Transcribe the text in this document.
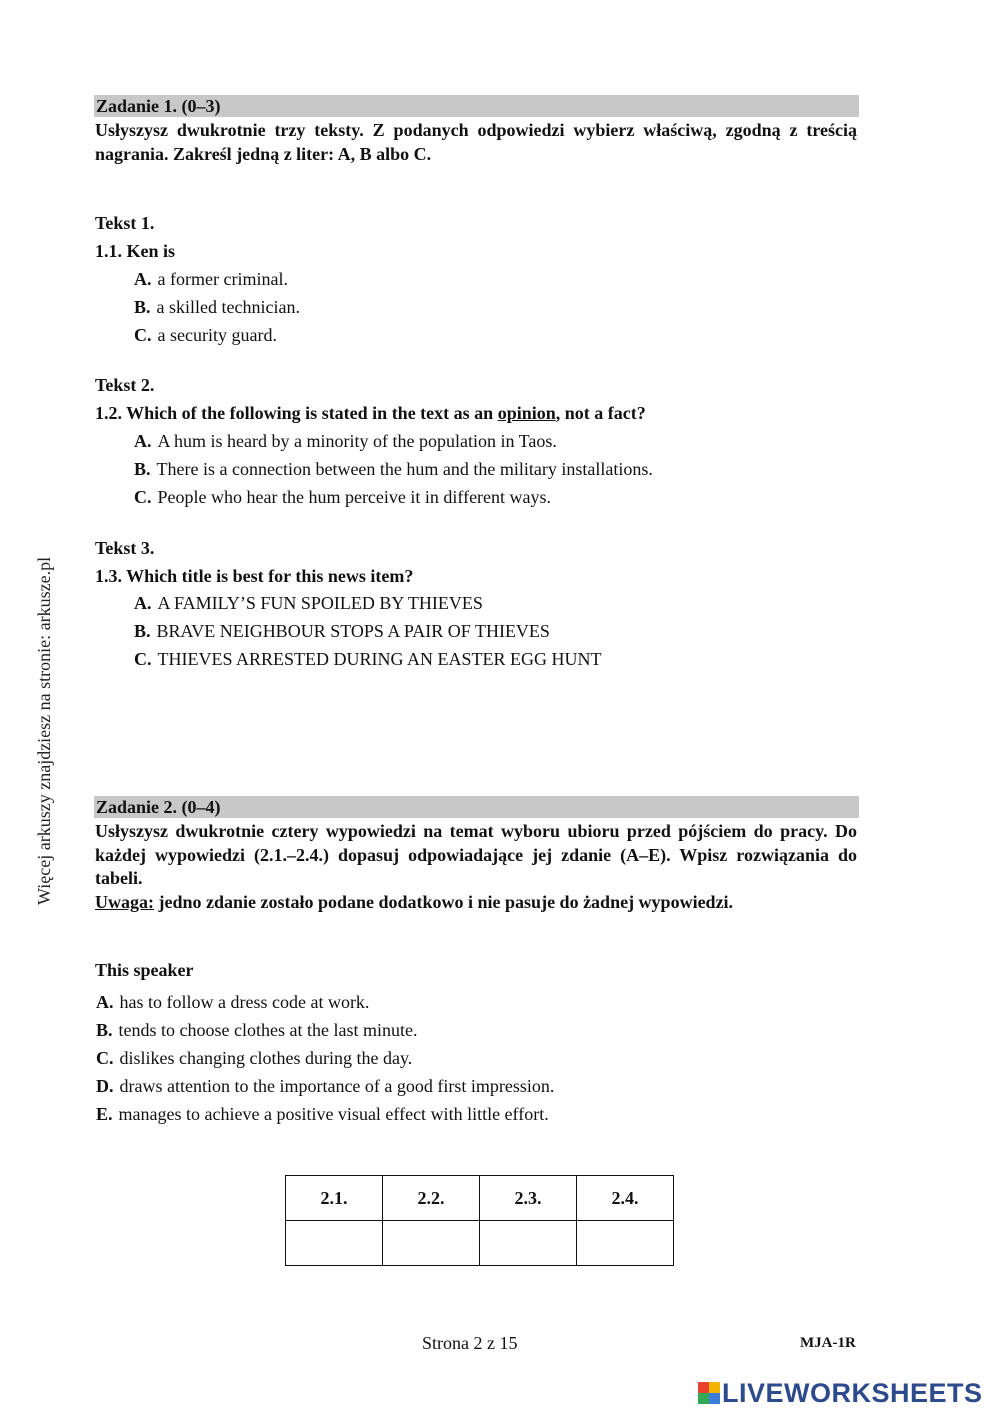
Więcej arkuszy znajdziesz na stronie: arkusze.pl
Zadanie 1. (0–3)
Usłyszysz dwukrotnie trzy teksty. Z podanych odpowiedzi wybierz właściwą, zgodną z treścią nagrania. Zakreśl jedną z liter: A, B albo C.
Tekst 1.
1.1. Ken is
A. a former criminal.
B. a skilled technician.
C. a security guard.
Tekst 2.
1.2. Which of the following is stated in the text as an opinion, not a fact?
A. A hum is heard by a minority of the population in Taos.
B. There is a connection between the hum and the military installations.
C. People who hear the hum perceive it in different ways.
Tekst 3.
1.3. Which title is best for this news item?
A. A FAMILY’S FUN SPOILED BY THIEVES
B. BRAVE NEIGHBOUR STOPS A PAIR OF THIEVES
C. THIEVES ARRESTED DURING AN EASTER EGG HUNT
Zadanie 2. (0–4)
Usłyszysz dwukrotnie cztery wypowiedzi na temat wyboru ubioru przed pójściem do pracy. Do każdej wypowiedzi (2.1.–2.4.) dopasuj odpowiadające jej zdanie (A–E). Wpisz rozwiązania do tabeli.
Uwaga: jedno zdanie zostało podane dodatkowo i nie pasuje do żadnej wypowiedzi.
This speaker
A. has to follow a dress code at work.
B. tends to choose clothes at the last minute.
C. dislikes changing clothes during the day.
D. draws attention to the importance of a good first impression.
E. manages to achieve a positive visual effect with little effort.
2.1.	2.2.	2.3.	2.4.

Strona 2 z 15	MJA-1R
LIVEWORKSHEETS
